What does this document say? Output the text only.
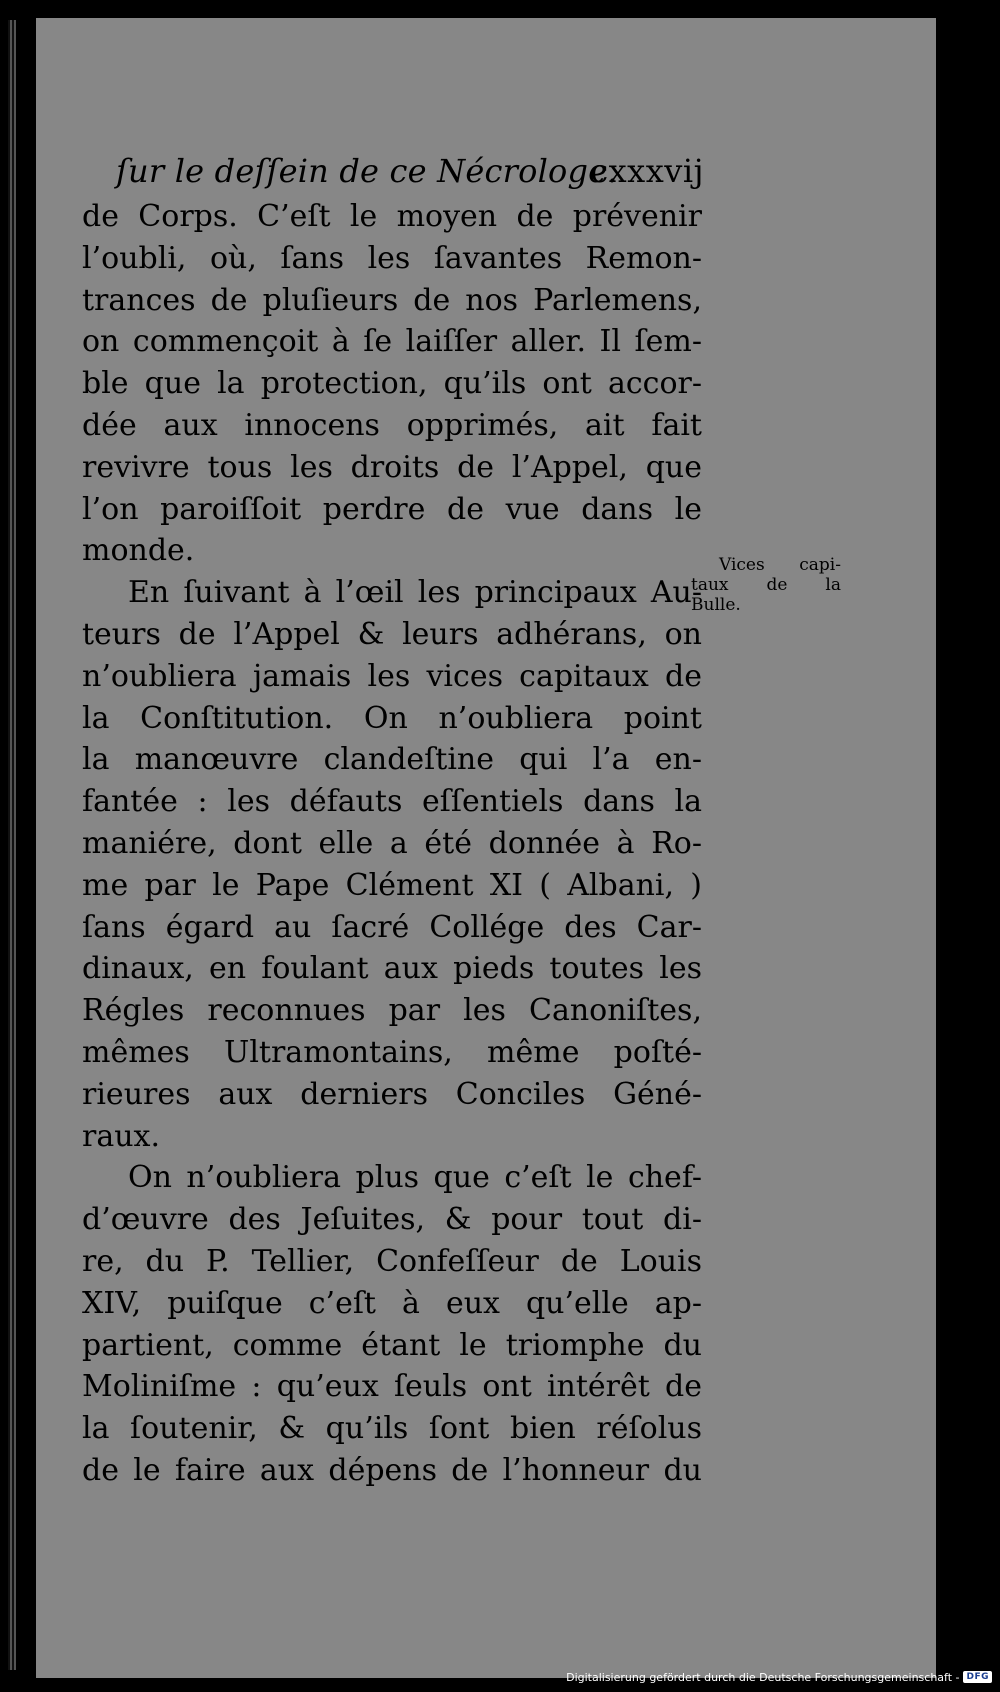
ſur le deſſein de ce Nécrologe.
cxxxvij
de Corps. C’eſt le moyen de prévenir
l’oubli, où, ſans les ſavantes Remon-
trances de pluſieurs de nos Parlemens,
on commençoit à ſe laiſſer aller. Il ſem-
ble que la protection, qu’ils ont accor-
dée aux innocens opprimés, ait fait
revivre tous les droits de l’Appel, que
l’on paroiſſoit perdre de vue dans le
monde.
En ſuivant à l’œil les principaux Au-
teurs de l’Appel & leurs adhérans, on
n’oubliera jamais les vices capitaux de
la Conſtitution. On n’oubliera point
la manœuvre clandeſtine qui l’a en-
fantée : les défauts eſſentiels dans la
maniére, dont elle a été donnée à Ro-
me par le Pape Clément XI ( Albani, )
ſans égard au ſacré Collége des Car-
dinaux, en foulant aux pieds toutes les
Régles reconnues par les Canoniſtes,
mêmes Ultramontains, même poſté-
rieures aux derniers Conciles Géné-
raux.
On n’oubliera plus que c’eſt le chef-
d’œuvre des Jeſuites, & pour tout di-
re, du P. Tellier, Confeſſeur de Louis
XIV, puiſque c’eſt à eux qu’elle ap-
partient, comme étant le triomphe du
Moliniſme : qu’eux ſeuls ont intérêt de
la ſoutenir, & qu’ils ſont bien réſolus
de le faire aux dépens de l’honneur du
Vices capi-
taux de la
Bulle.
Digitalisierung gefördert durch die Deutsche Forschungsgemeinschaft - DFG
